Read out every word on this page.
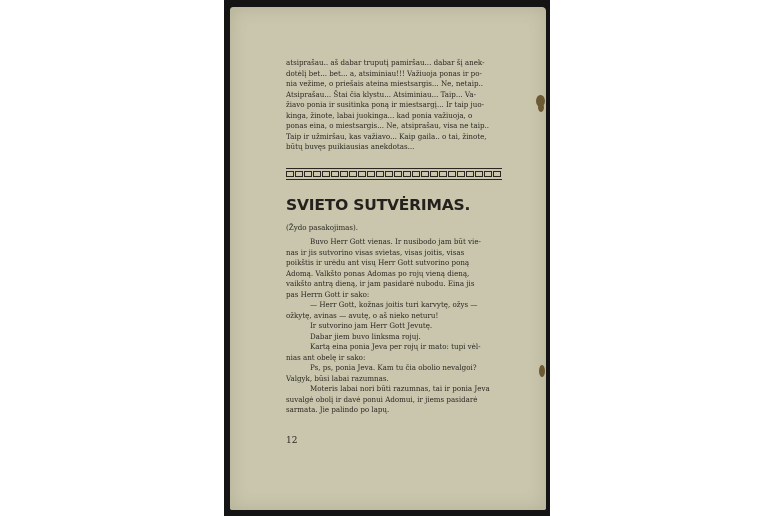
atsiprašau.. aš dabar truputį pamiršau... dabar šį anek-
dotėlį bet... bet... a, atsiminiau!!! Važiuoja ponas ir po-
nia vežime, o priešais ateina miestsargis... Ne, netaip..
Atsiprašau... Štai čia klystu... Atsiminiau... Taip... Va-
žiavo ponia ir susitinka poną ir miestsargį... Ir taip juo-
kinga, žinote, labai juokinga... kad ponia važiuoja, o
ponas eina, o miestsargis... Ne, atsiprašau, visa ne taip..
Taip ir užmiršau, kas važiavo... Kaip gaila.. o tai, žinote,
būtų buvęs puikiausias anekdotas...
SVIETO SUTVĖRIMAS.
(Žydo pasakojimas).
Buvo Herr Gott vienas. Ir nusibodo jam būt vie-
nas ir jis sutvorino visas svietas, visas joitis, visas
poikštis ir urėdu ant visų Herr Gott sutvorino poną
Adomą. Valkšto ponas Adomas po rojų vieną dieną,
vaikšto antrą dieną, ir jam pasidarė nubodu. Eina jis
pas Herrn Gott ir sako:
— Herr Gott, kožnas joitis turi karvytę, ožys —
ožkytę, avinas — avutę, o aš nieko neturu!
Ir sutvorino jam Herr Gott Jevutę.
Dabar jiem buvo linksma rojuj.
Kartą eina ponia Jeva per rojų ir mato: tupi vėl-
nias ant obelę ir sako:
Ps, ps, ponia Jeva. Kam tu čia obolio nevalgoi?
Valgyk, būsi labai razumnas.
Moteris labai nori būti razumnas, tai ir ponia Jeva
suvalgė obolį ir davė ponui Adomui, ir jiems pasidarė
sarmata. Jie palindo po lapų.
12
